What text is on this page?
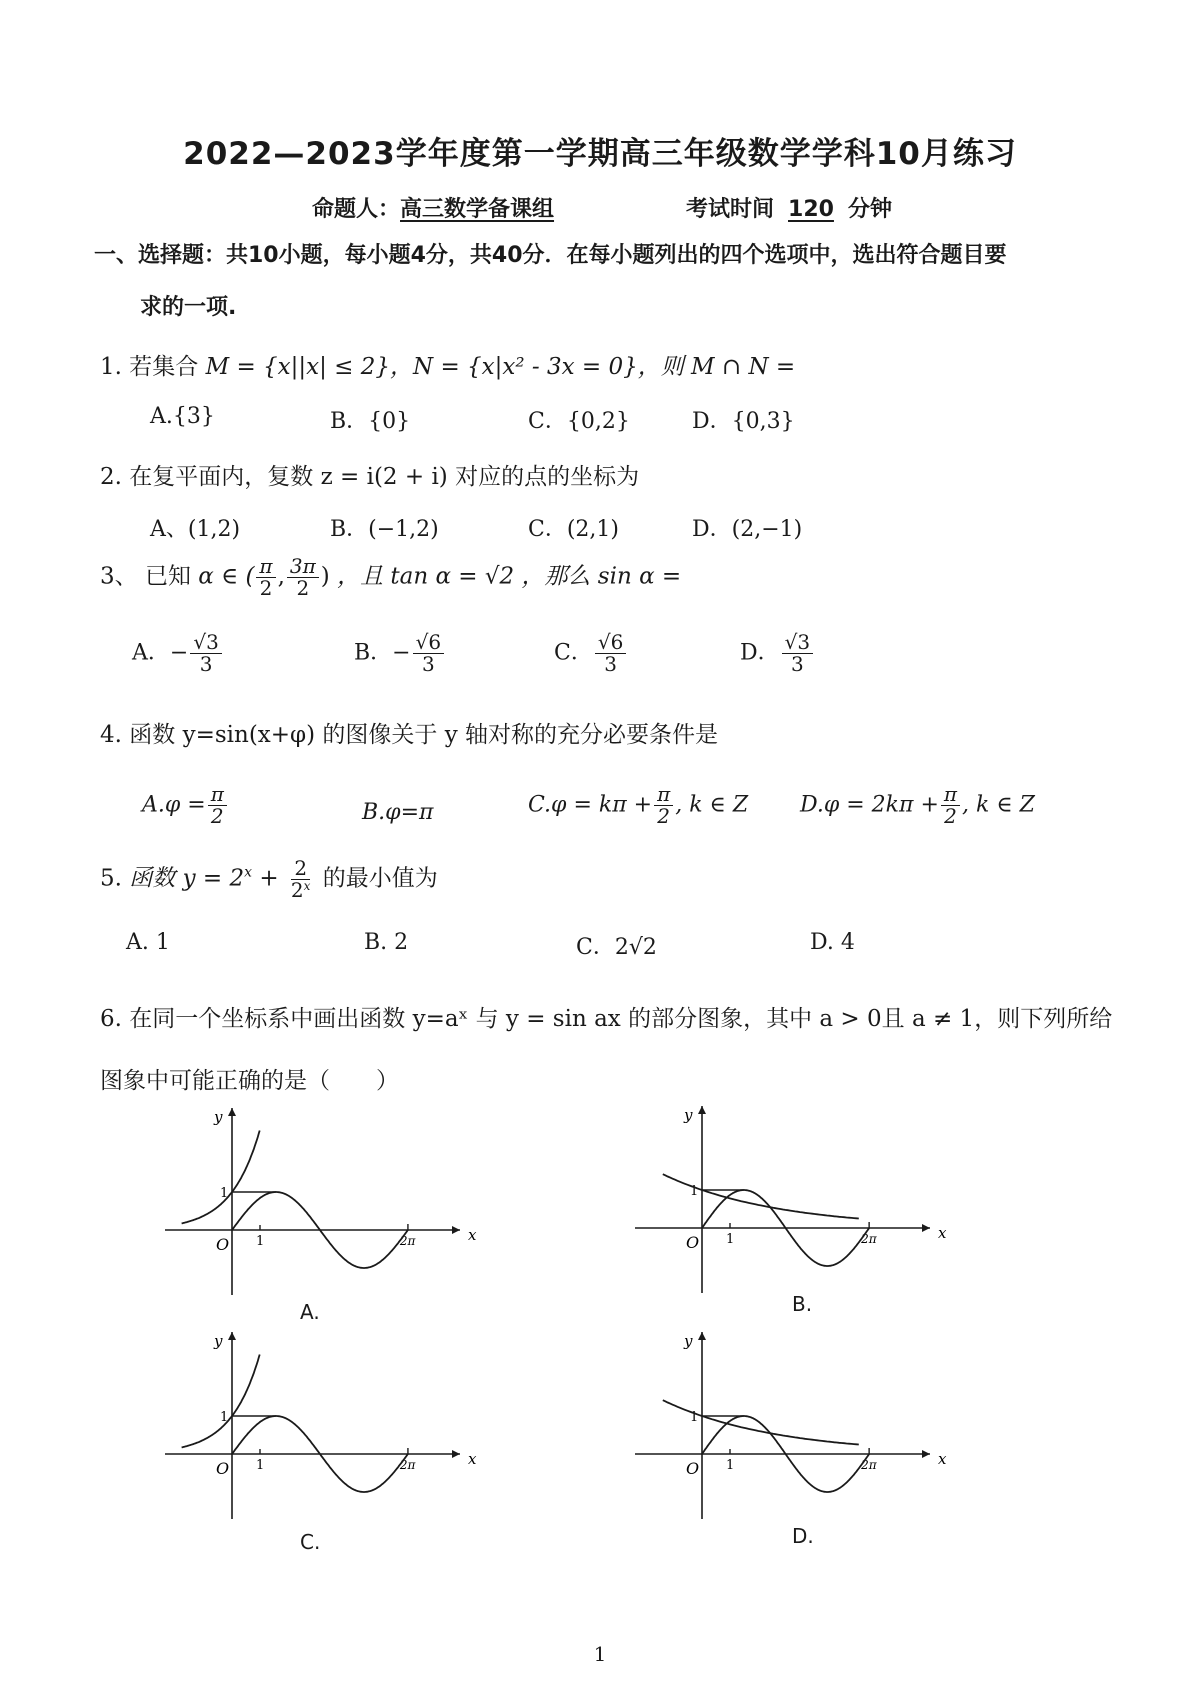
2022—2023学年度第一学期高三年级数学学科10月练习
命题人：高三数学备课组	考试时间 120 分钟
一、选择题：共10小题，每小题4分，共40分．在每小题列出的四个选项中，选出符合题目要
求的一项.
1. 若集合 M = {x||x| ≤ 2}，N = {x|x² - 3x = 0}，则 M ∩ N =
A.{3}	B．{0}	C．{0,2}	D．{0,3}
2. 在复平面内，复数 z = i(2 + i) 对应的点的坐标为
A、(1,2)	B．(−1,2)	C．(2,1)	D．(2,−1)
3、 已知 α ∈ ( $\frac{\pi}{2}$ , $\frac{3\pi}{2}$ ) ，且 tan α = √2 ，那么 sin α =
A．− $\frac{√3}{3}$	B．− $\frac{√6}{3}$	C． $\frac{√6}{3}$	D． $\frac{√3}{3}$
4. 函数 y=sin(x+φ) 的图像关于 y 轴对称的充分必要条件是
$A.\varphi = \frac{\pi}{2}$	B.φ=π	$C.\varphi = k\pi + \frac{\pi}{2}$ , k ∈ Z $D.\varphi = 2k\pi + \frac{\pi}{2}$ , k ∈ Z
5. 函数 $y = 2^x + \frac{2}{2^x}$ 的最小值为
A. 1	B. 2	C．2√2	D. 4
6. 在同一个坐标系中画出函数 y=aˣ 与 y = sin ax 的部分图象，其中 a > 0且 a ≠ 1，则下列所给
图象中可能正确的是（　　）
y
x
O 1	2π
1
A.
y
x
O 1	2π
1
B.
y
x
O 1	2π
1
C.
y
x
O 1	2π
1
D.
1
